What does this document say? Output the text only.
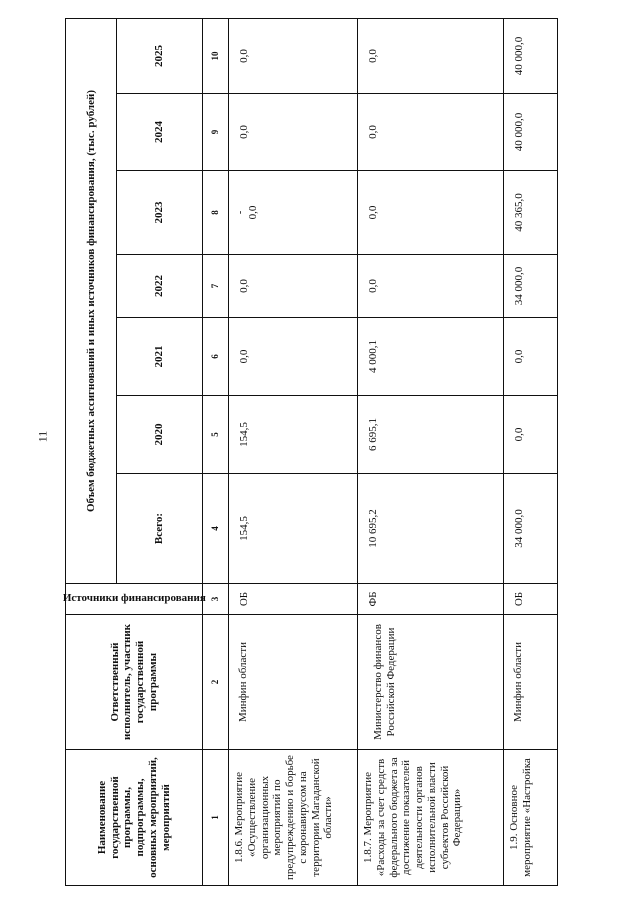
11
Наименование государственной программы, подпрограммы, основных мероприятий, мероприятий
Ответственный исполнитель, участник государственной программы
Источники финансирования
Объем бюджетных ассигнований и иных источников финансирования, (тыс. рублей)
Всего:
2020
2021
2022
2023
2024
2025
1
2
3
4
5
6
7
8
9
10
1.8.6. Мероприятие «Осуществление организационных мероприятий по предупреждению и борьбе с коронавирусом на территории Магаданской области»
Минфин области
ОБ
154,5
154,5
0,0
0,0
- 0,0
0,0
0,0
1.8.7. Мероприятие «Расходы за счет средств федерального бюджета за достижение показателей деятельности органов исполнительной власти субъектов Российской Федерации»
Министерство финансов Российской Федерации
ФБ
10 695,2
6 695,1
4 000,1
0,0
0,0
0,0
0,0
1.9. Основное мероприятие «Настройка
Минфин области
ОБ
34 000,0
0,0
0,0
34 000,0
40 365,0
40 000,0
40 000,0
